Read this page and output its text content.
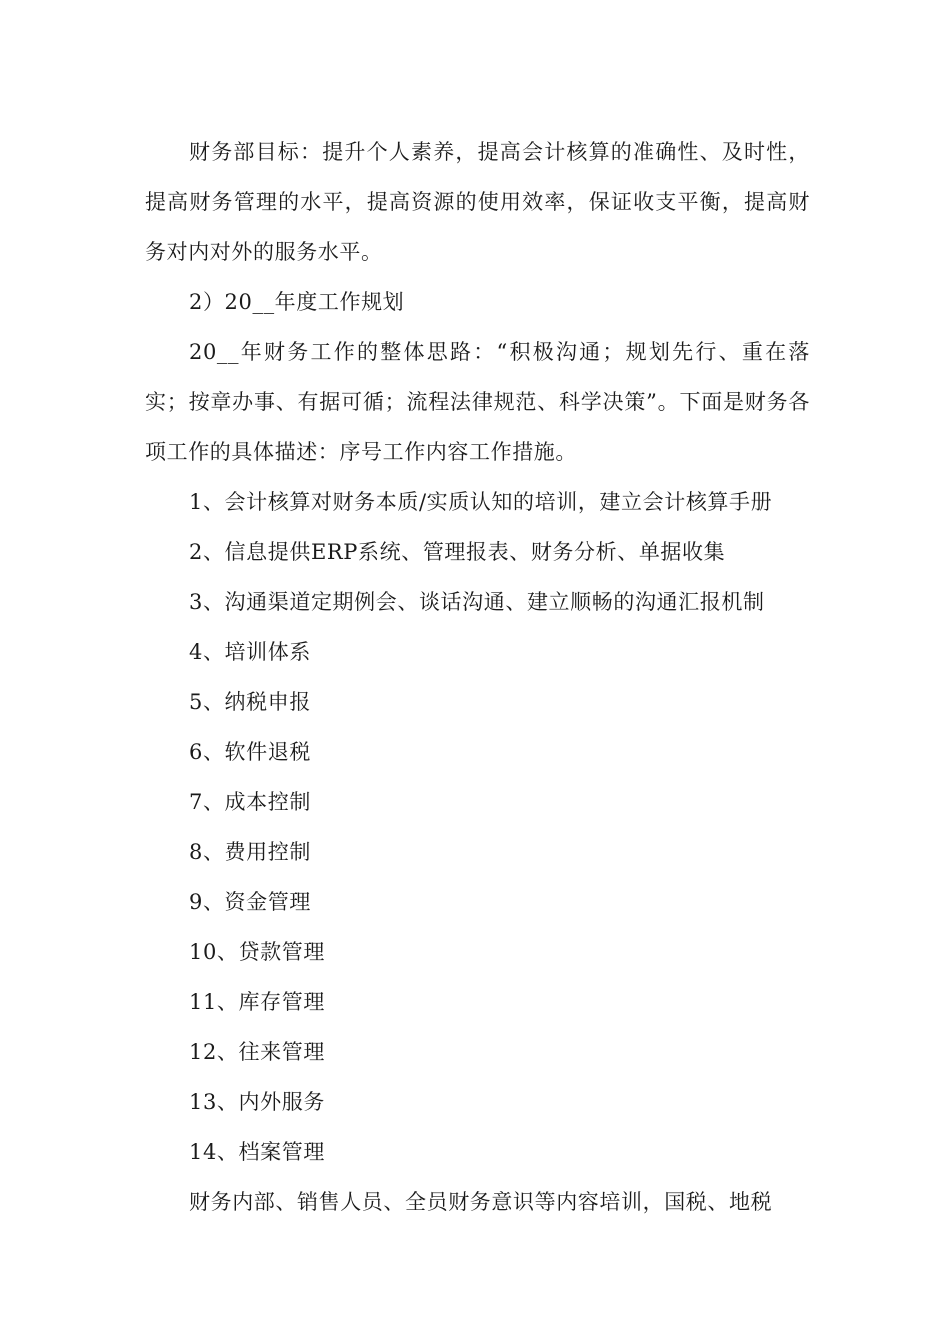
财务部目标：提升个人素养，提高会计核算的准确性、及时性，提高财务管理的水平，提高资源的使用效率，保证收支平衡，提高财务对内对外的服务水平。

2）20__年度工作规划

20__年财务工作的整体思路：“积极沟通；规划先行、重在落实；按章办事、有据可循；流程法律规范、科学决策”。下面是财务各项工作的具体描述：序号工作内容工作措施。

1、会计核算对财务本质/实质认知的培训，建立会计核算手册

2、信息提供ERP系统、管理报表、财务分析、单据收集

3、沟通渠道定期例会、谈话沟通、建立顺畅的沟通汇报机制

4、培训体系

5、纳税申报

6、软件退税

7、成本控制

8、费用控制

9、资金管理

10、贷款管理

11、库存管理

12、往来管理

13、内外服务

14、档案管理

财务内部、销售人员、全员财务意识等内容培训，国税、地税
